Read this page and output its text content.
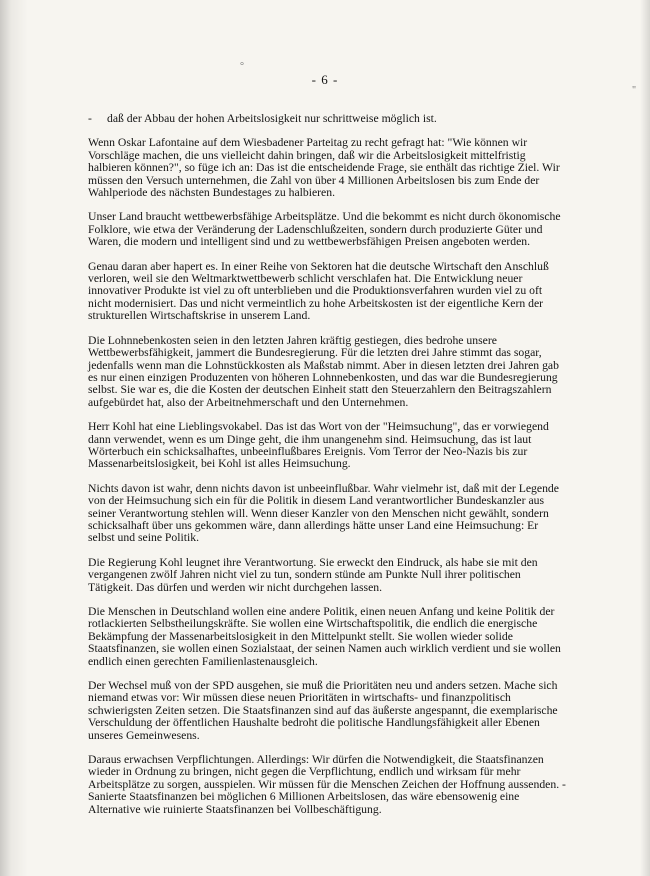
°
"
- 6 -

- daß der Abbau der hohen Arbeitslosigkeit nur schrittweise möglich ist.

Wenn Oskar Lafontaine auf dem Wiesbadener Parteitag zu recht gefragt hat: "Wie können wir Vorschläge machen, die uns vielleicht dahin bringen, daß wir die Arbeitslosigkeit mittelfristig halbieren können?", so füge ich an: Das ist die entscheidende Frage, sie enthält das richtige Ziel. Wir müssen den Versuch unternehmen, die Zahl von über 4 Millionen Arbeitslosen bis zum Ende der Wahlperiode des nächsten Bundestages zu halbieren.

Unser Land braucht wettbewerbsfähige Arbeitsplätze. Und die bekommt es nicht durch ökonomische Folklore, wie etwa der Veränderung der Ladenschlußzeiten, sondern durch produzierte Güter und Waren, die modern und intelligent sind und zu wettbewerbsfähigen Preisen angeboten werden.

Genau daran aber hapert es. In einer Reihe von Sektoren hat die deutsche Wirtschaft den Anschluß verloren, weil sie den Weltmarktwettbewerb schlicht verschlafen hat. Die Entwicklung neuer innovativer Produkte ist viel zu oft unterblieben und die Produktionsverfahren wurden viel zu oft nicht modernisiert. Das und nicht vermeintlich zu hohe Arbeitskosten ist der eigentliche Kern der strukturellen Wirtschaftskrise in unserem Land.

Die Lohnnebenkosten seien in den letzten Jahren kräftig gestiegen, dies bedrohe unsere Wettbewerbsfähigkeit, jammert die Bundesregierung. Für die letzten drei Jahre stimmt das sogar, jedenfalls wenn man die Lohnstückkosten als Maßstab nimmt. Aber in diesen letzten drei Jahren gab es nur einen einzigen Produzenten von höheren Lohnnebenkosten, und das war die Bundesregierung selbst. Sie war es, die die Kosten der deutschen Einheit statt den Steuerzahlern den Beitragszahlern aufgebürdet hat, also der Arbeitnehmerschaft und den Unternehmen.

Herr Kohl hat eine Lieblingsvokabel. Das ist das Wort von der "Heimsuchung", das er vorwiegend dann verwendet, wenn es um Dinge geht, die ihm unangenehm sind. Heimsuchung, das ist laut Wörterbuch ein schicksalhaftes, unbeeinflußbares Ereignis. Vom Terror der Neo-Nazis bis zur Massenarbeitslosigkeit, bei Kohl ist alles Heimsuchung.

Nichts davon ist wahr, denn nichts davon ist unbeeinflußbar. Wahr vielmehr ist, daß mit der Legende von der Heimsuchung sich ein für die Politik in diesem Land verantwortlicher Bundeskanzler aus seiner Verantwortung stehlen will. Wenn dieser Kanzler von den Menschen nicht gewählt, sondern schicksalhaft über uns gekommen wäre, dann allerdings hätte unser Land eine Heimsuchung: Er selbst und seine Politik.

Die Regierung Kohl leugnet ihre Verantwortung. Sie erweckt den Eindruck, als habe sie mit den vergangenen zwölf Jahren nicht viel zu tun, sondern stünde am Punkte Null ihrer politischen Tätigkeit. Das dürfen und werden wir nicht durchgehen lassen.

Die Menschen in Deutschland wollen eine andere Politik, einen neuen Anfang und keine Politik der rotlackierten Selbstheilungskräfte. Sie wollen eine Wirtschaftspolitik, die endlich die energische Bekämpfung der Massenarbeitslosigkeit in den Mittelpunkt stellt. Sie wollen wieder solide Staatsfinanzen, sie wollen einen Sozialstaat, der seinen Namen auch wirklich verdient und sie wollen endlich einen gerechten Familienlastenausgleich.

Der Wechsel muß von der SPD ausgehen, sie muß die Prioritäten neu und anders setzen. Mache sich niemand etwas vor: Wir müssen diese neuen Prioritäten in wirtschafts- und finanzpolitisch schwierigsten Zeiten setzen. Die Staatsfinanzen sind auf das äußerste angespannt, die exemplarische Verschuldung der öffentlichen Haushalte bedroht die politische Handlungsfähigkeit aller Ebenen unseres Gemeinwesens.

Daraus erwachsen Verpflichtungen. Allerdings: Wir dürfen die Notwendigkeit, die Staatsfinanzen wieder in Ordnung zu bringen, nicht gegen die Verpflichtung, endlich und wirksam für mehr Arbeitsplätze zu sorgen, ausspielen. Wir müssen für die Menschen Zeichen der Hoffnung aussenden. - Sanierte Staatsfinanzen bei möglichen 6 Millionen Arbeitslosen, das wäre ebensowenig eine Alternative wie ruinierte Staatsfinanzen bei Vollbeschäftigung.
